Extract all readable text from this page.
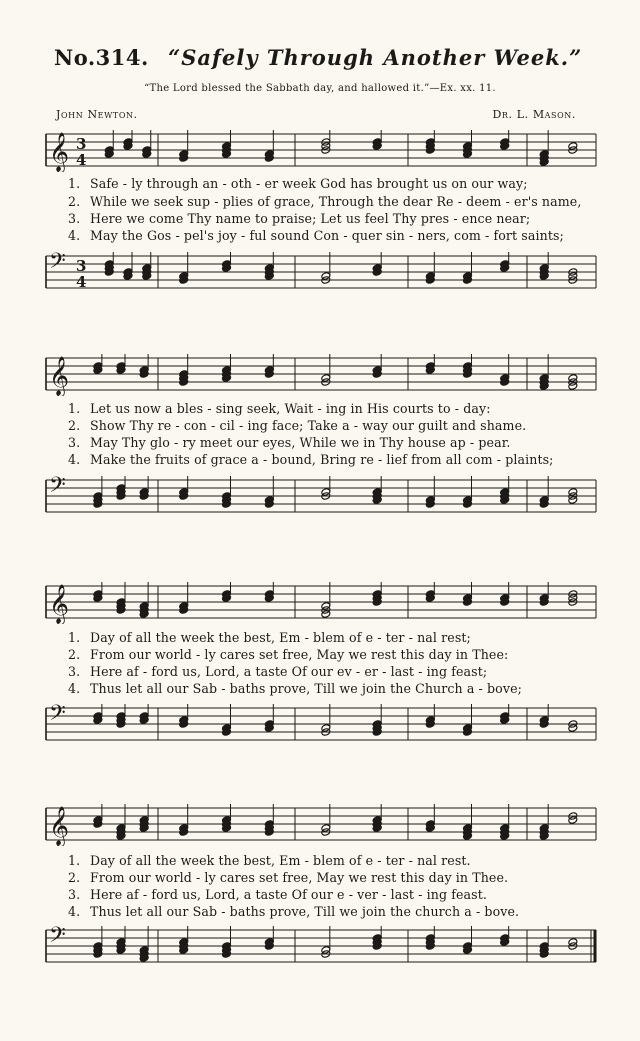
No.314. “Safely Through Another Week.”
“The Lord blessed the Sabbath day, and hallowed it.”—Ex. xx. 11.
John Newton.	Dr. L. Mason.
𝄞 3
4
𝄢 3
4
1. Safe - ly through an - oth - er week God has brought us on our way;
2. While we seek sup - plies of grace, Through the dear Re - deem - er's name,
3. Here we come Thy name to praise; Let us feel Thy pres - ence near;
4. May the Gos - pel's joy - ful sound Con - quer sin - ners, com - fort saints;
𝄞
𝄢
1. Let us now a bles - sing seek, Wait - ing in His courts to - day:
2. Show Thy re - con - cil - ing face; Take a - way our guilt and shame.
3. May Thy glo - ry meet our eyes, While we in Thy house ap - pear.
4. Make the fruits of grace a - bound, Bring re - lief from all com - plaints;
𝄞
𝄢
1. Day of all the week the best, Em - blem of e - ter - nal rest;
2. From our world - ly cares set free, May we rest this day in Thee:
3. Here af - ford us, Lord, a taste Of our ev - er - last - ing feast;
4. Thus let all our Sab - baths prove, Till we join the Church a - bove;
𝄞
𝄢
1. Day of all the week the best, Em - blem of e - ter - nal rest.
2. From our world - ly cares set free, May we rest this day in Thee.
3. Here af - ford us, Lord, a taste Of our e - ver - last - ing feast.
4. Thus let all our Sab - baths prove, Till we join the church a - bove.
